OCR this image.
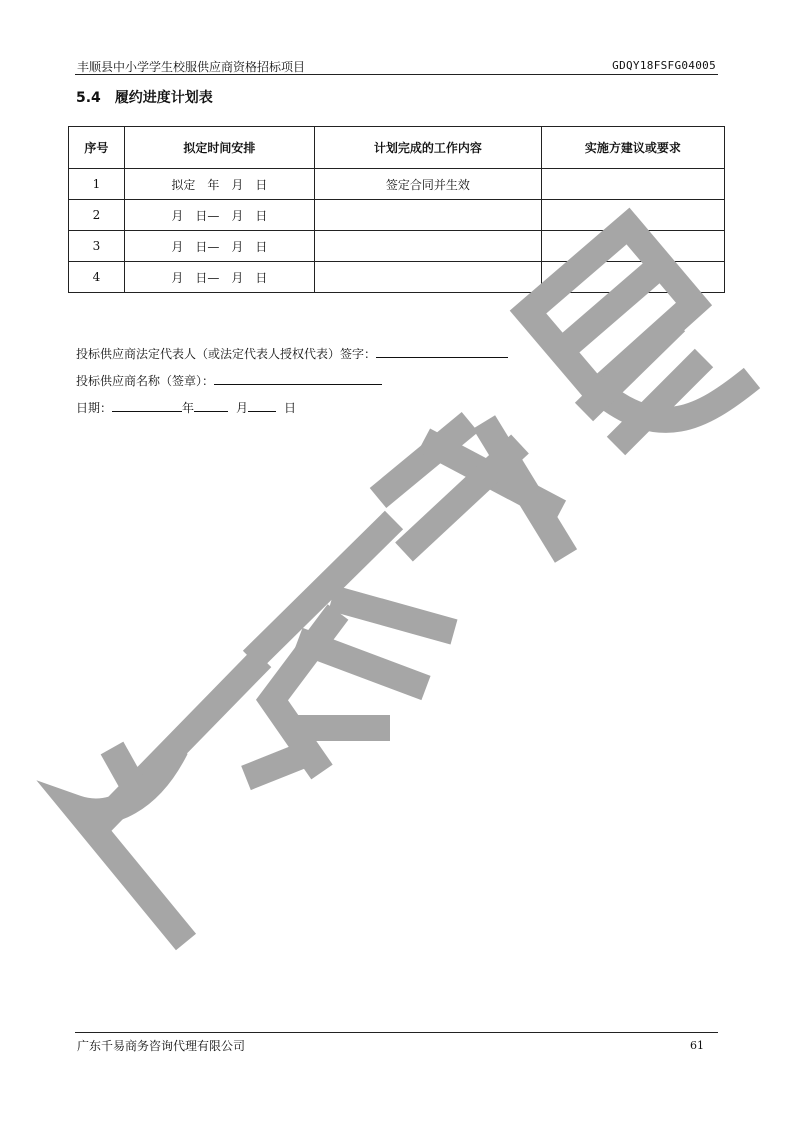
丰顺县中小学学生校服供应商资格招标项目	GDQY18FSFG04005
5.4 履约进度计划表
序号	拟定时间安排	计划完成的工作内容	实施方建议或要求
1	拟定　年　月　日	签定合同并生效	
2	月　日—　月　日		
3	月　日—　月　日		
4	月　日—　月　日		
投标供应商法定代表人（或法定代表人授权代表）签字：
投标供应商名称（签章）：
日期：	年	月	日
广东千易商务咨询代理有限公司	61
